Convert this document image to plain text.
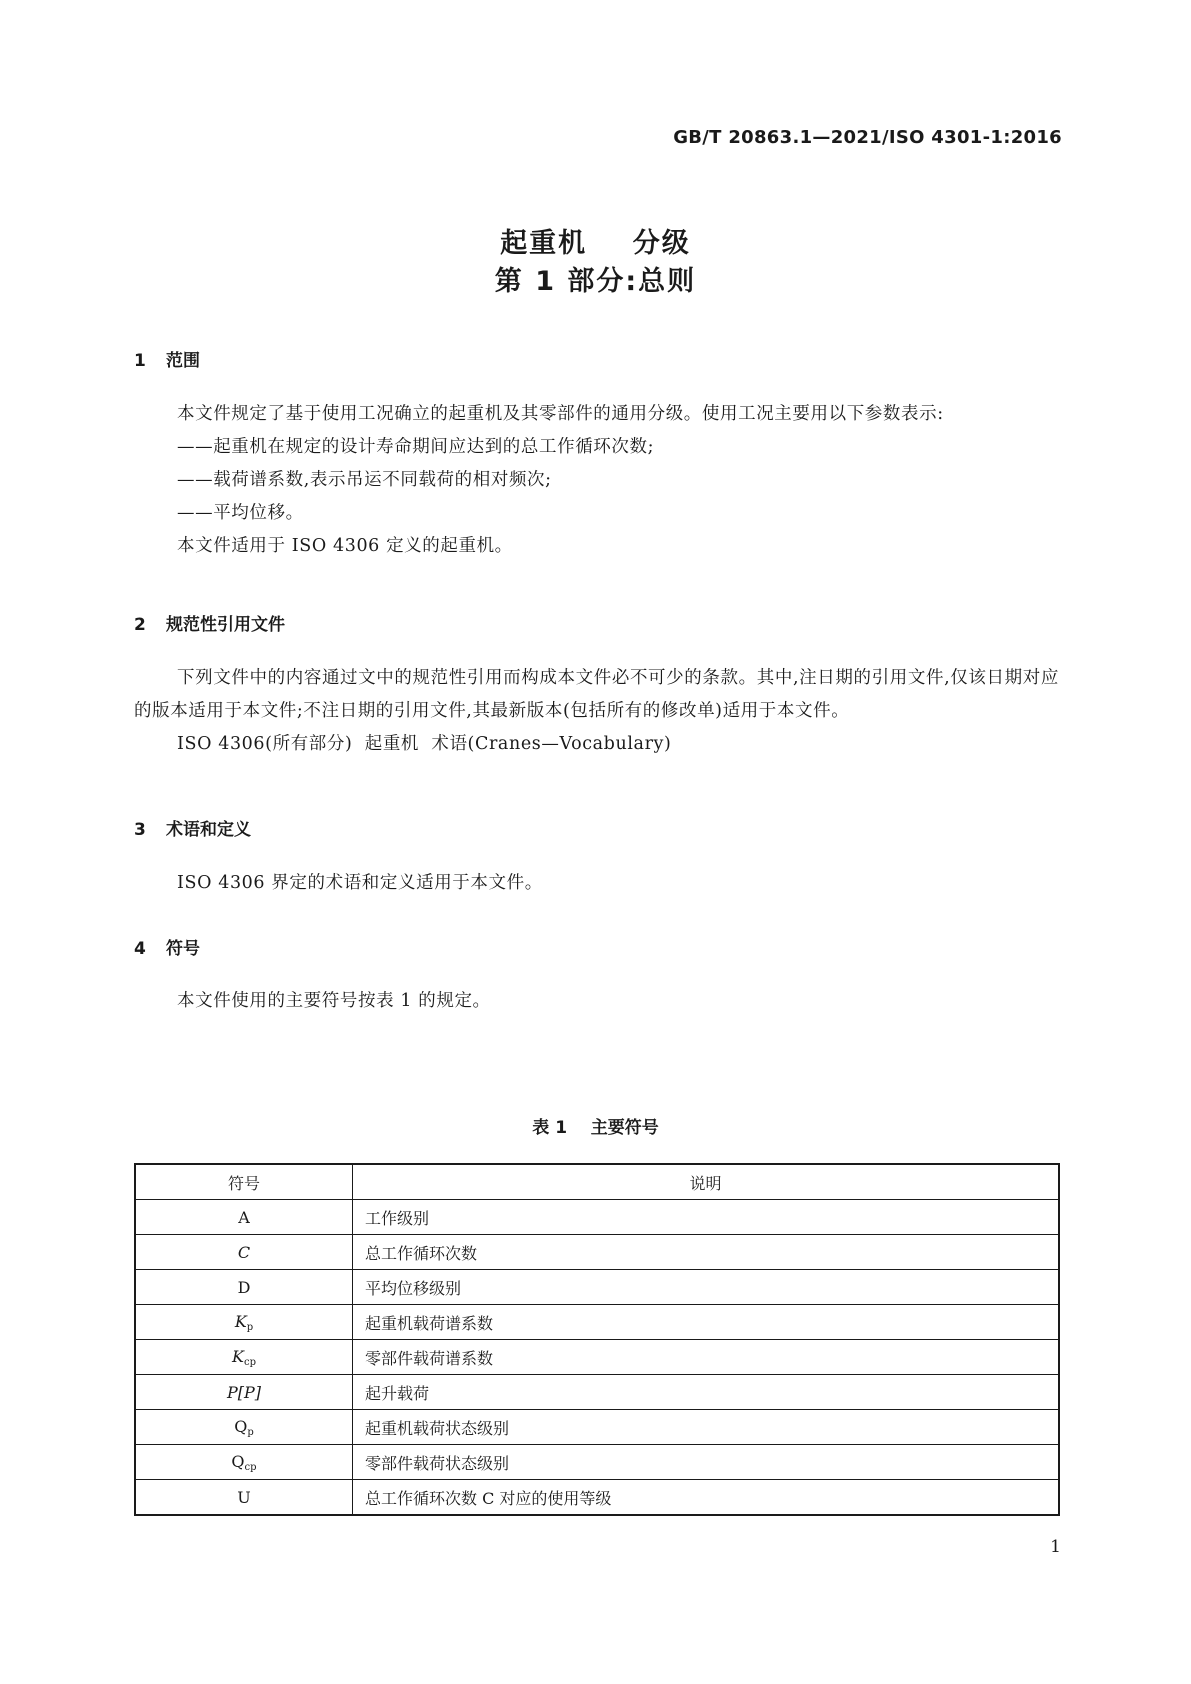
GB/T 20863.1—2021/ISO 4301-1:2016
起重机    分级
第 1 部分:总则
1 范围

本文件规定了基于使用工况确立的起重机及其零部件的通用分级。使用工况主要用以下参数表示:

——起重机在规定的设计寿命期间应达到的总工作循环次数;

——载荷谱系数,表示吊运不同载荷的相对频次;

——平均位移。

本文件适用于 ISO 4306 定义的起重机。

2 规范性引用文件

下列文件中的内容通过文中的规范性引用而构成本文件必不可少的条款。其中,注日期的引用文件,仅该日期对应的版本适用于本文件;不注日期的引用文件,其最新版本(包括所有的修改单)适用于本文件。

ISO 4306(所有部分)  起重机  术语(Cranes—Vocabulary)

3 术语和定义

ISO 4306 界定的术语和定义适用于本文件。

4 符号

本文件使用的主要符号按表 1 的规定。

表 1    主要符号
符号	说明
A	工作级别
C	总工作循环次数
D	平均位移级别
$K_p$	起重机载荷谱系数
$K_{cp}$	零部件载荷谱系数
P[P]	起升载荷
$Q_p$	起重机载荷状态级别
$Q_{cp}$	零部件载荷状态级别
U	总工作循环次数 C 对应的使用等级
1
